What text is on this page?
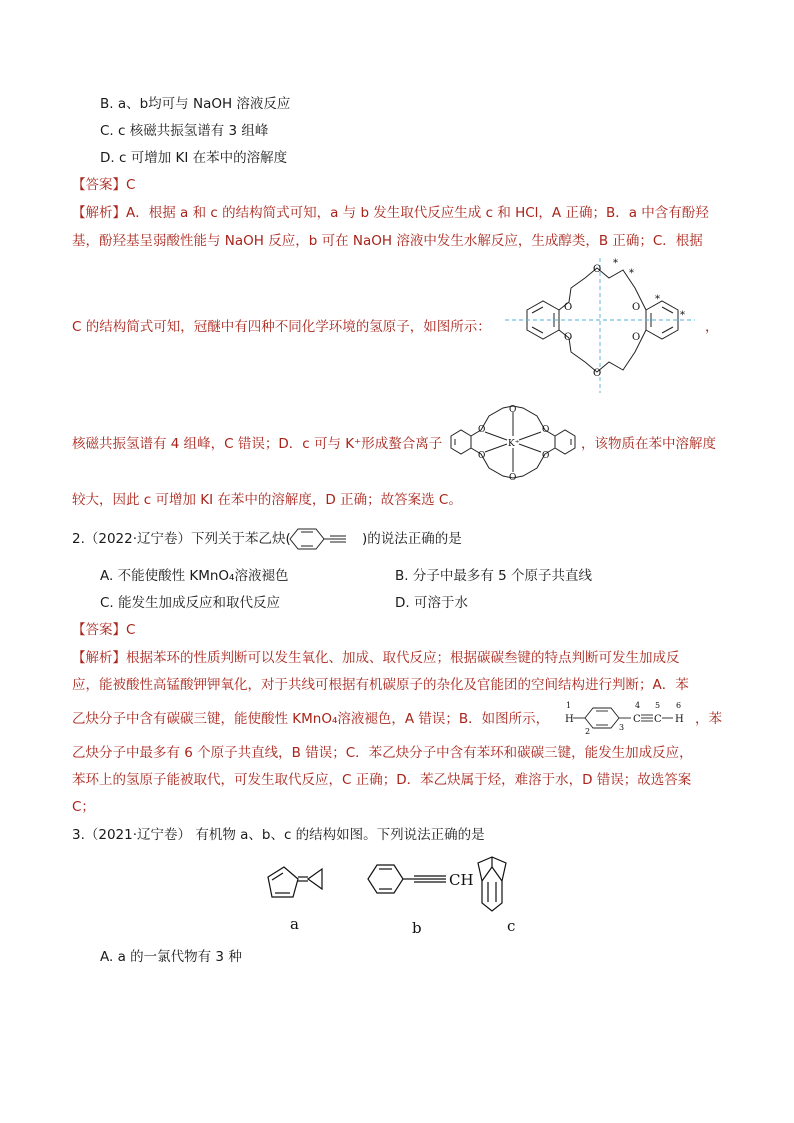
B. a、b均可与 NaOH 溶液反应
C. c 核磁共振氢谱有 3 组峰
D. c 可增加 KI 在苯中的溶解度
【答案】C
【解析】A．根据 a 和 c 的结构简式可知，a 与 b 发生取代反应生成 c 和 HCl，A 正确；B．a 中含有酚羟
基，酚羟基呈弱酸性能与 NaOH 反应，b 可在 NaOH 溶液中发生水解反应，生成醇类，B 正确；C．根据
C 的结构简式可知，冠醚中有四种不同化学环境的氢原子，如图所示：	，
O
O
O
O
O
O
*
*
*
*
核磁共振氢谱有 4 组峰，C 错误；D．c 可与 K⁺形成螯合离子	K⁺
O
O
O
O
O
O
，该物质在苯中溶解度
较大，因此 c 可增加 KI 在苯中的溶解度，D 正确；故答案选 C。
2.（2022·辽宁卷）下列关于苯乙炔(	)的说法正确的是
A. 不能使酸性 KMnO₄溶液褪色	B. 分子中最多有 5 个原子共直线
C. 能发生加成反应和取代反应	D. 可溶于水
【答案】C
【解析】根据苯环的性质判断可以发生氧化、加成、取代反应；根据碳碳叁键的特点判断可发生加成反
应，能被酸性高锰酸钾钾氧化，对于共线可根据有机碳原子的杂化及官能团的空间结构进行判断；A．苯
乙炔分子中含有碳碳三键，能使酸性 KMnO₄溶液褪色，A 错误；B．如图所示， H	C C H
1
2	3
4 5 6
，苯
乙炔分子中最多有 6 个原子共直线，B 错误；C．苯乙炔分子中含有苯环和碳碳三键，能发生加成反应，
苯环上的氢原子能被取代，可发生取代反应，C 正确；D．苯乙炔属于烃，难溶于水，D 错误；故选答案
C；
3.（2021·辽宁卷） 有机物 a、b、c 的结构如图。下列说法正确的是
CH
a	b	c
A. a 的一氯代物有 3 种
